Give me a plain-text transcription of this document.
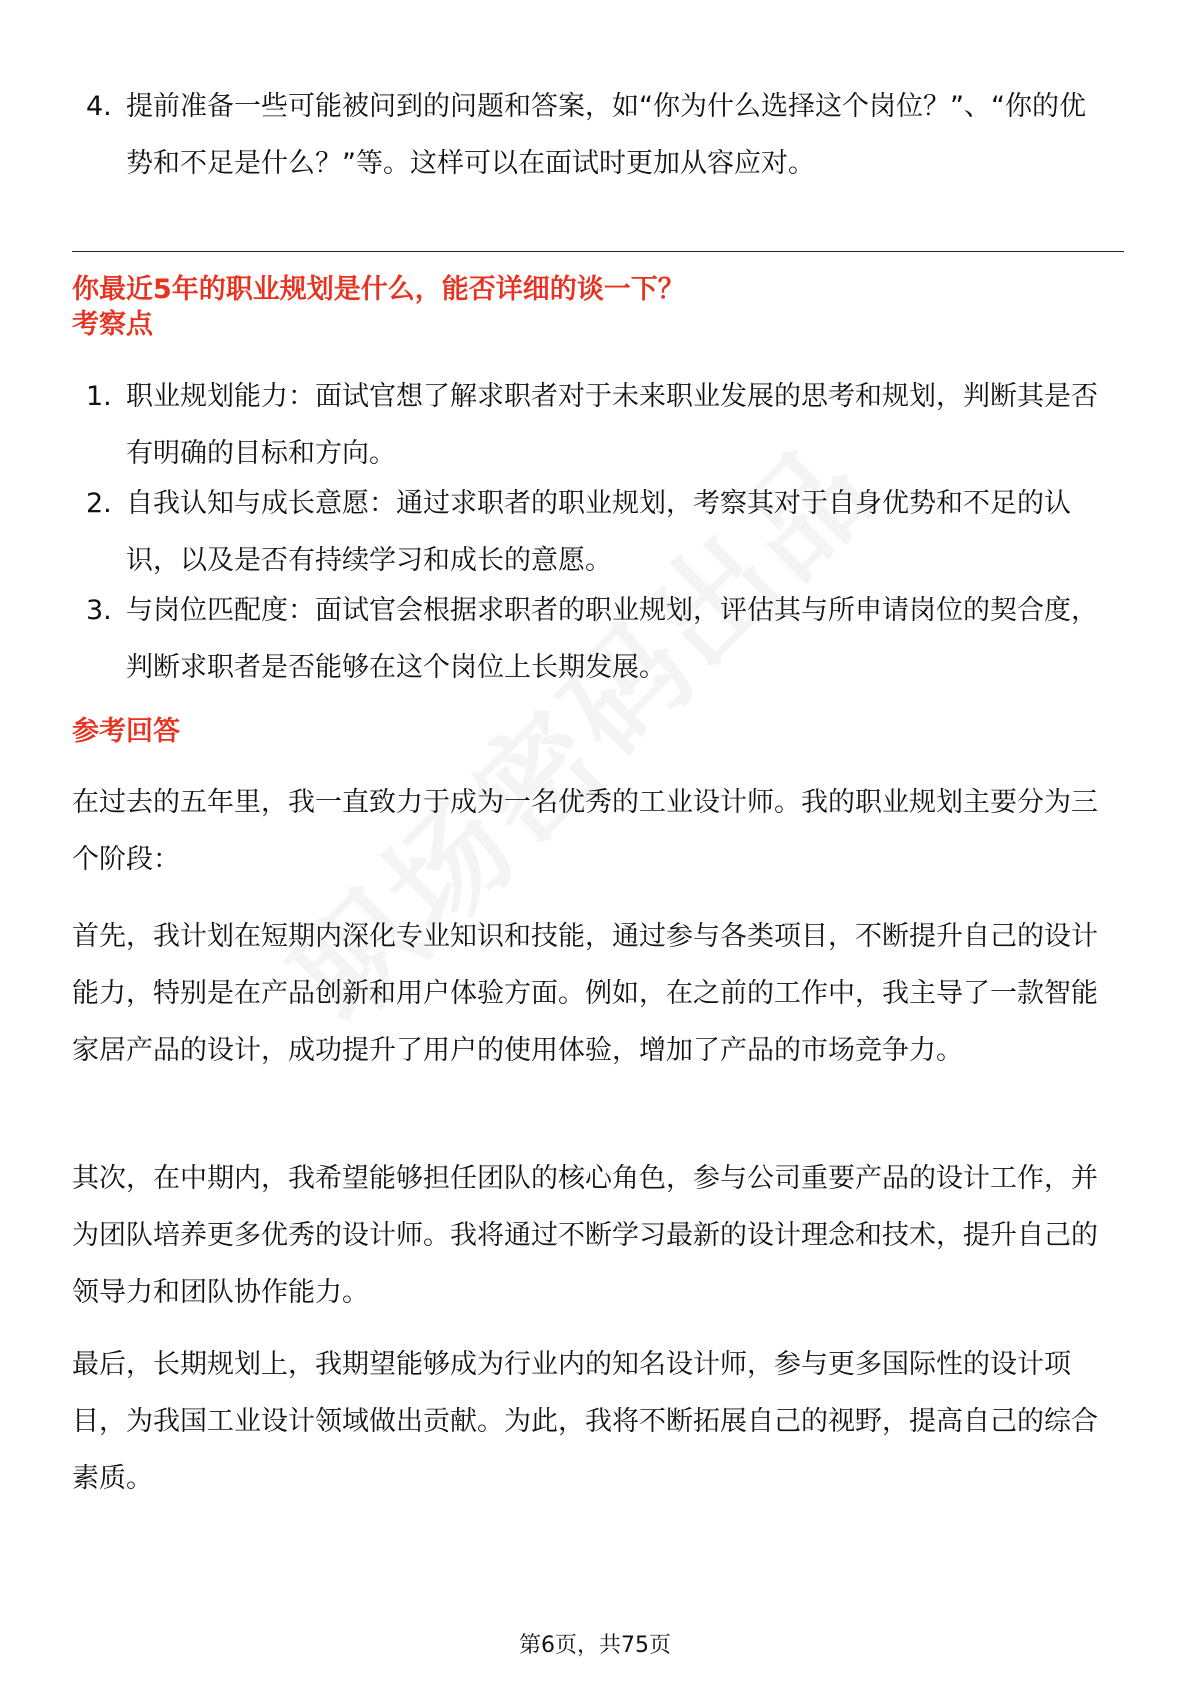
4. 提前准备一些可能被问到的问题和答案，如“你为什么选择这个岗位？”、“你的优势和不足是什么？”等。这样可以在面试时更加从容应对。
你最近5年的职业规划是什么，能否详细的谈一下？
考察点
1. 职业规划能力：面试官想了解求职者对于未来职业发展的思考和规划，判断其是否有明确的目标和方向。
2. 自我认知与成长意愿：通过求职者的职业规划，考察其对于自身优势和不足的认识，以及是否有持续学习和成长的意愿。
3. 与岗位匹配度：面试官会根据求职者的职业规划，评估其与所申请岗位的契合度，判断求职者是否能够在这个岗位上长期发展。
参考回答
在过去的五年里，我一直致力于成为一名优秀的工业设计师。我的职业规划主要分为三个阶段：
首先，我计划在短期内深化专业知识和技能，通过参与各类项目，不断提升自己的设计能力，特别是在产品创新和用户体验方面。例如，在之前的工作中，我主导了一款智能家居产品的设计，成功提升了用户的使用体验，增加了产品的市场竞争力。
其次，在中期内，我希望能够担任团队的核心角色，参与公司重要产品的设计工作，并为团队培养更多优秀的设计师。我将通过不断学习最新的设计理念和技术，提升自己的领导力和团队协作能力。
最后，长期规划上，我期望能够成为行业内的知名设计师，参与更多国际性的设计项目，为我国工业设计领域做出贡献。为此，我将不断拓展自己的视野，提高自己的综合素质。
第6页，共75页
